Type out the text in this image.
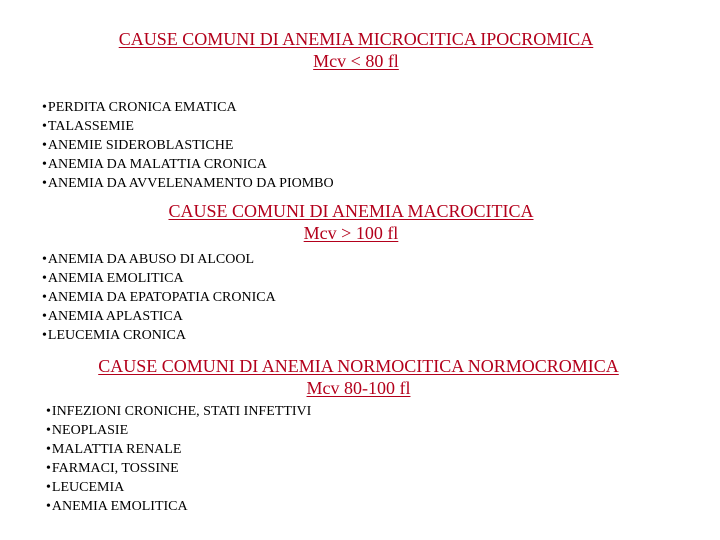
CAUSE COMUNI DI ANEMIA MICROCITICA IPOCROMICA
Mcv < 80 fl
• PERDITA CRONICA EMATICA
• TALASSEMIE
• ANEMIE SIDEROBLASTICHE
• ANEMIA DA MALATTIA CRONICA
• ANEMIA DA AVVELENAMENTO DA PIOMBO
CAUSE COMUNI DI ANEMIA MACROCITICA
Mcv > 100 fl
• ANEMIA DA ABUSO DI ALCOOL
• ANEMIA EMOLITICA
• ANEMIA DA EPATOPATIA CRONICA
• ANEMIA APLASTICA
• LEUCEMIA CRONICA
CAUSE COMUNI DI ANEMIA NORMOCITICA NORMOCROMICA
Mcv 80-100 fl
• INFEZIONI CRONICHE, STATI INFETTIVI
• NEOPLASIE
• MALATTIA RENALE
• FARMACI, TOSSINE
• LEUCEMIA
• ANEMIA EMOLITICA
